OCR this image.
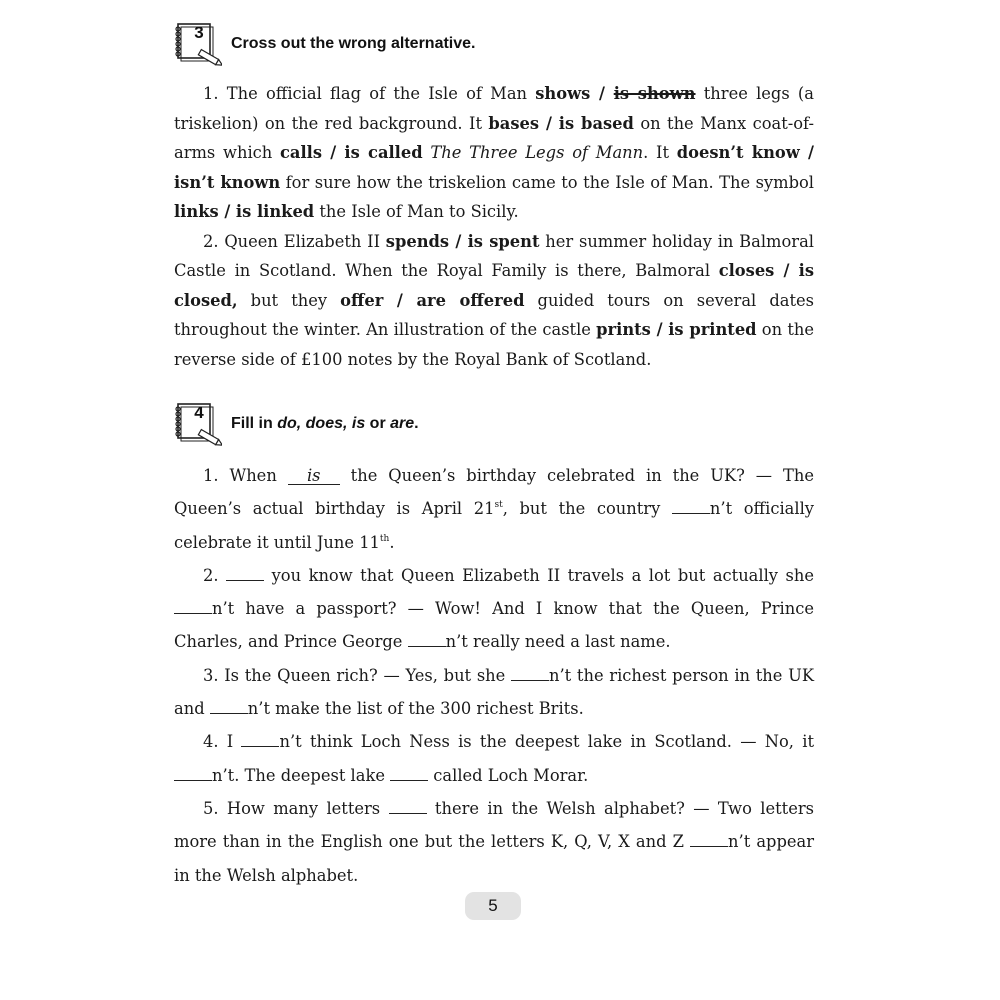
3
Cross out the wrong alternative.

1. The official flag of the Isle of Man shows / is shown three legs (a triskelion) on the red background. It bases / is based on the Manx coat-of-arms which calls / is called The Three Legs of Mann. It doesn’t know / isn’t known for sure how the triskelion came to the Isle of Man. The symbol links / is linked the Isle of Man to Sicily.

2. Queen Elizabeth II spends / is spent her summer holiday in Balmoral Castle in Scotland. When the Royal Family is there, Balmoral closes / is closed, but they offer / are offered guided tours on several dates throughout the winter. An illustration of the castle prints / is printed on the reverse side of £100 notes by the Royal Bank of Scotland.

4
Fill in do, does, is or are.

1. When is the Queen’s birthday celebrated in the UK? — The Queen’s actual birthday is April 21st, but the country n’t officially celebrate it until June 11th.

2.  you know that Queen Elizabeth II travels a lot but actually she n’t have a passport? — Wow! And I know that the Queen, Prince Charles, and Prince George n’t really need a last name.

3. Is the Queen rich? — Yes, but she n’t the richest person in the UK and n’t make the list of the 300 richest Brits.

4. I n’t think Loch Ness is the deepest lake in Scotland. — No, it n’t. The deepest lake  called Loch Morar.

5. How many letters  there in the Welsh alphabet? — Two letters more than in the English one but the letters K, Q, V, X and Z n’t appear in the Welsh alphabet.

5
